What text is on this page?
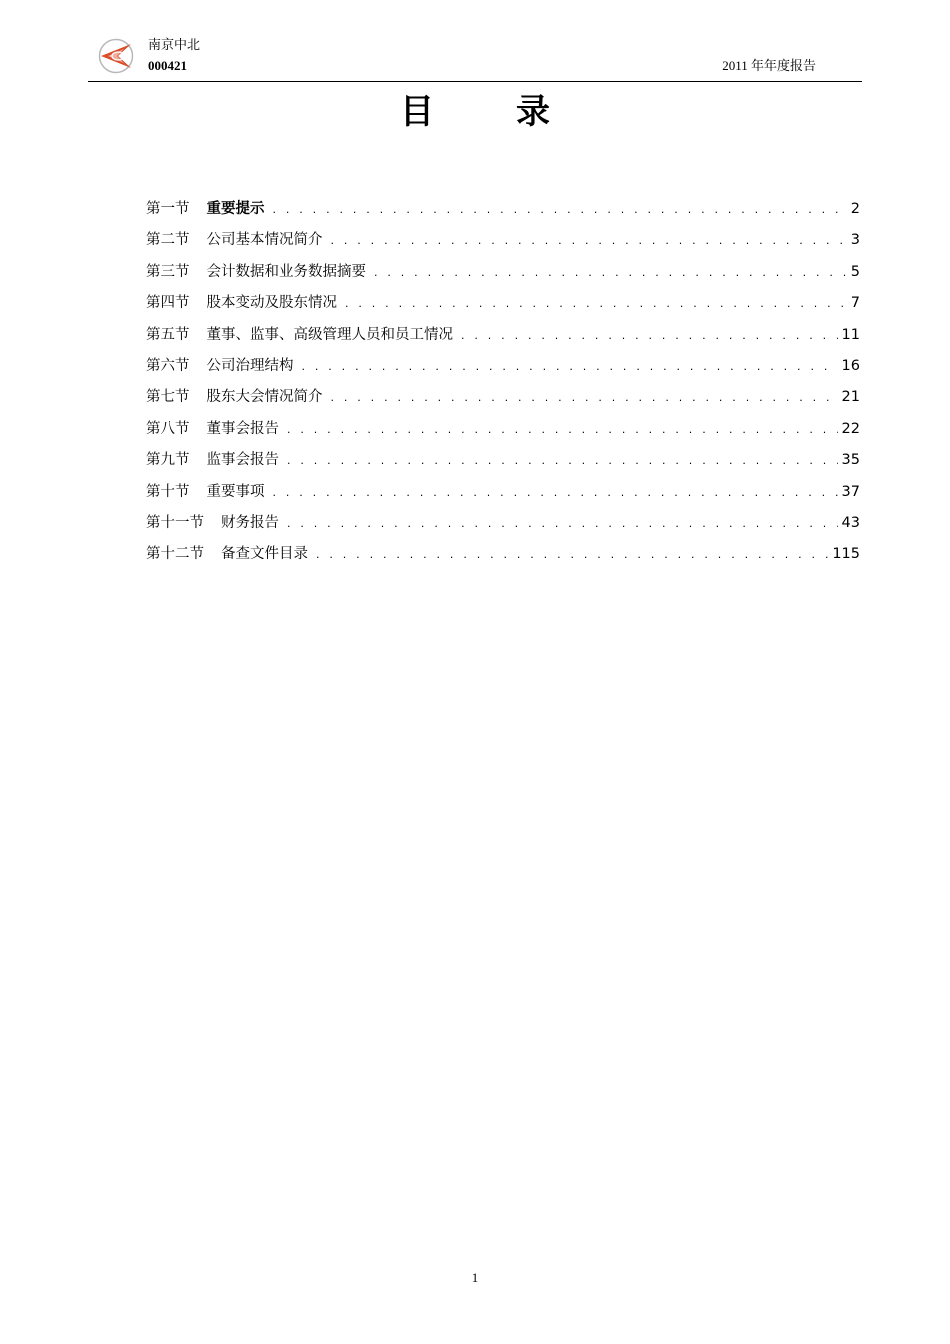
南京中北
000421	2011 年年度报告
目录
第一节 重要提示 . . .	2
第二节 公司基本情况简介 . . .	3
第三节 会计数据和业务数据摘要 . . .	5
第四节 股本变动及股东情况 . . .	7
第五节 董事、监事、高级管理人员和员工情况 . . .	11
第六节 公司治理结构 . . .	16
第七节 股东大会情况简介 . . .	21
第八节 董事会报告 . . .	22
第九节 监事会报告 . . .	35
第十节 重要事项 . . .	37
第十一节 财务报告 . . .	43
第十二节 备查文件目录 . . .	115
1
